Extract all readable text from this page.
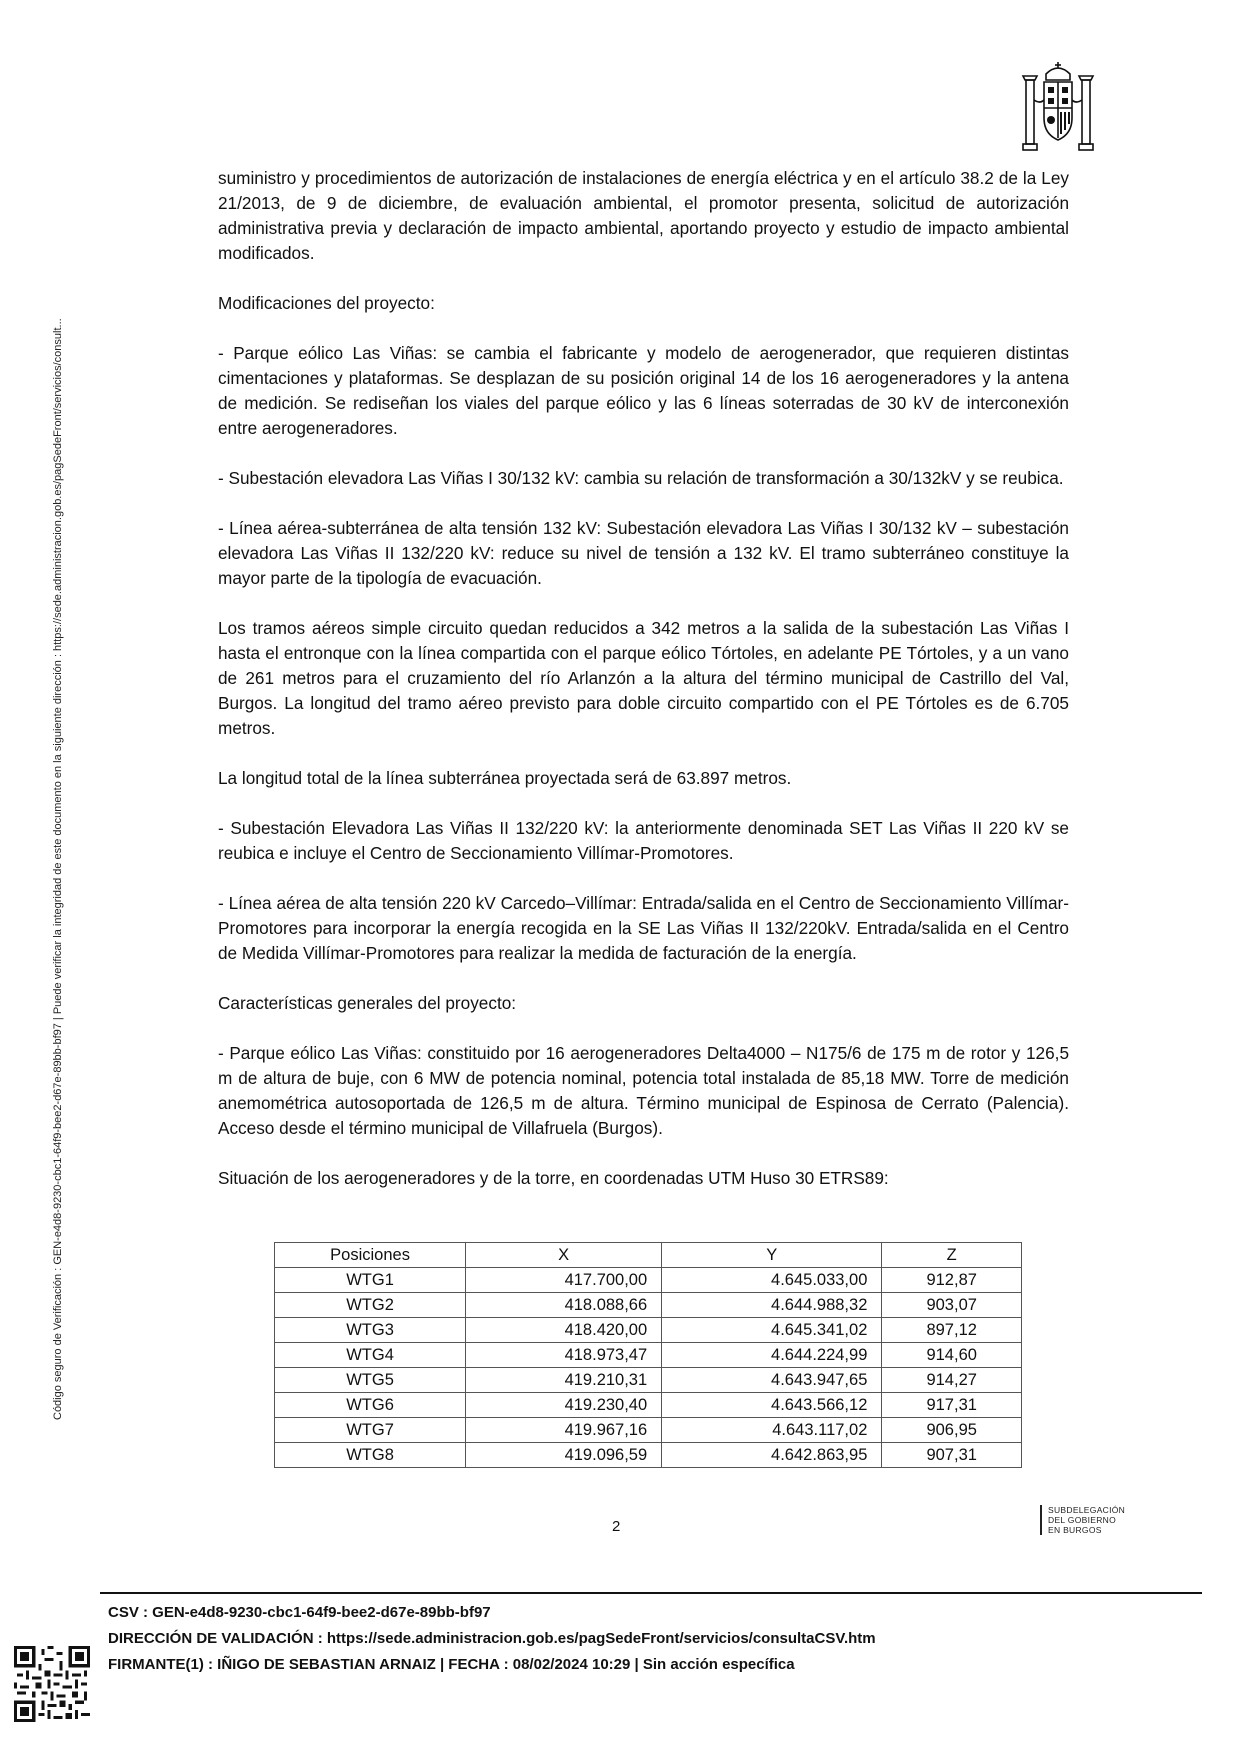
Código seguro de Verificación : GEN-e4d8-9230-cbc1-64f9-bee2-d67e-89bb-bf97 | Puede verificar la integridad de este documento en la siguiente dirección : https://sede.administracion.gob.es/pagSedeFront/servicios/consult...

suministro y procedimientos de autorización de instalaciones de energía eléctrica y en el artículo 38.2 de la Ley 21/2013, de 9 de diciembre, de evaluación ambiental, el promotor presenta, solicitud de autorización administrativa previa y declaración de impacto ambiental, aportando proyecto y estudio de impacto ambiental modificados.

Modificaciones del proyecto:

- Parque eólico Las Viñas: se cambia el fabricante y modelo de aerogenerador, que requieren distintas cimentaciones y plataformas. Se desplazan de su posición original 14 de los 16 aerogeneradores y la antena de medición. Se rediseñan los viales del parque eólico y las 6 líneas soterradas de 30 kV de interconexión entre aerogeneradores.

- Subestación elevadora Las Viñas I 30/132 kV: cambia su relación de transformación a 30/132kV y se reubica.

- Línea aérea-subterránea de alta tensión 132 kV: Subestación elevadora Las Viñas I 30/132 kV – subestación elevadora Las Viñas II 132/220 kV: reduce su nivel de tensión a 132 kV. El tramo subterráneo constituye la mayor parte de la tipología de evacuación.

Los tramos aéreos simple circuito quedan reducidos a 342 metros a la salida de la subestación Las Viñas I hasta el entronque con la línea compartida con el parque eólico Tórtoles, en adelante PE Tórtoles, y a un vano de 261 metros para el cruzamiento del río Arlanzón a la altura del término municipal de Castrillo del Val, Burgos. La longitud del tramo aéreo previsto para doble circuito compartido con el PE Tórtoles es de 6.705 metros.

La longitud total de la línea subterránea proyectada será de 63.897 metros.

- Subestación Elevadora Las Viñas II 132/220 kV: la anteriormente denominada SET Las Viñas II 220 kV se reubica e incluye el Centro de Seccionamiento Villímar-Promotores.

- Línea aérea de alta tensión 220 kV Carcedo–Villímar: Entrada/salida en el Centro de Seccionamiento Villímar-Promotores para incorporar la energía recogida en la SE Las Viñas II 132/220kV. Entrada/salida en el Centro de Medida Villímar-Promotores para realizar la medida de facturación de la energía.

Características generales del proyecto:

- Parque eólico Las Viñas: constituido por 16 aerogeneradores Delta4000 – N175/6 de 175 m de rotor y 126,5 m de altura de buje, con 6 MW de potencia nominal, potencia total instalada de 85,18 MW. Torre de medición anemométrica autosoportada de 126,5 m de altura. Término municipal de Espinosa de Cerrato (Palencia). Acceso desde el término municipal de Villafruela (Burgos).

Situación de los aerogeneradores y de la torre, en coordenadas UTM Huso 30 ETRS89:

Posiciones	X	Y	Z
WTG1	417.700,00	4.645.033,00	912,87
WTG2	418.088,66	4.644.988,32	903,07
WTG3	418.420,00	4.645.341,02	897,12
WTG4	418.973,47	4.644.224,99	914,60
WTG5	419.210,31	4.643.947,65	914,27
WTG6	419.230,40	4.643.566,12	917,31
WTG7	419.967,16	4.643.117,02	906,95
WTG8	419.096,59	4.642.863,95	907,31
2
SUBDELEGACIÓN
DEL GOBIERNO
EN BURGOS
CSV : GEN-e4d8-9230-cbc1-64f9-bee2-d67e-89bb-bf97
DIRECCIÓN DE VALIDACIÓN : https://sede.administracion.gob.es/pagSedeFront/servicios/consultaCSV.htm
FIRMANTE(1) : IÑIGO DE SEBASTIAN ARNAIZ | FECHA : 08/02/2024 10:29 | Sin acción específica
